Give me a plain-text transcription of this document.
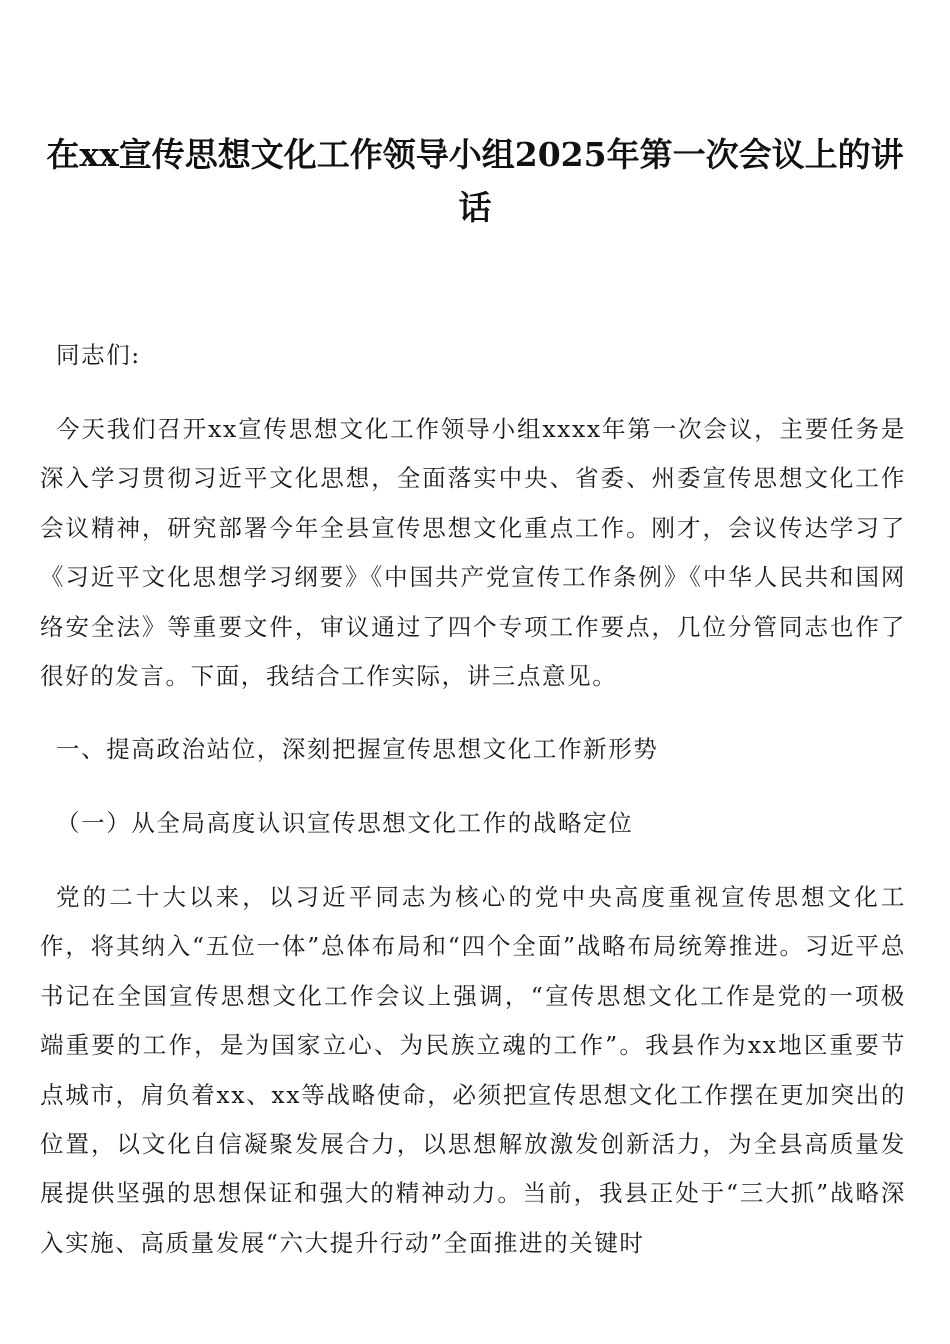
在xx宣传思想文化工作领导小组2025年第一次会议上的讲话

同志们:

今天我们召开xx宣传思想文化工作领导小组xxxx年第一次会议，主要任务是深入学习贯彻习近平文化思想，全面落实中央、省委、州委宣传思想文化工作会议精神，研究部署今年全县宣传思想文化重点工作。刚才，会议传达学习了《习近平文化思想学习纲要》《中国共产党宣传工作条例》《中华人民共和国网络安全法》等重要文件，审议通过了四个专项工作要点，几位分管同志也作了很好的发言。下面，我结合工作实际，讲三点意见。

一、提高政治站位，深刻把握宣传思想文化工作新形势

（一）从全局高度认识宣传思想文化工作的战略定位

党的二十大以来，以习近平同志为核心的党中央高度重视宣传思想文化工作，将其纳入“五位一体”总体布局和“四个全面”战略布局统筹推进。习近平总书记在全国宣传思想文化工作会议上强调，“宣传思想文化工作是党的一项极端重要的工作，是为国家立心、为民族立魂的工作”。我县作为xx地区重要节点城市，肩负着xx、xx等战略使命，必须把宣传思想文化工作摆在更加突出的位置，以文化自信凝聚发展合力，以思想解放激发创新活力，为全县高质量发展提供坚强的思想保证和强大的精神动力。当前，我县正处于“三大抓”战略深入实施、高质量发展“六大提升行动”全面推进的关键时
